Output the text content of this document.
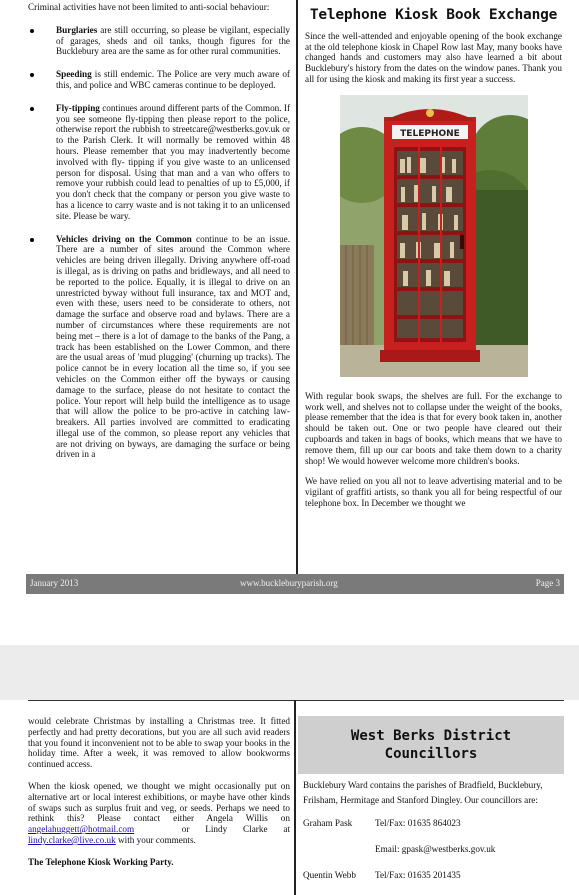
Criminal activities have not been limited to anti-social behaviour:

Burglaries are still occurring, so please be vigilant, especially of garages, sheds and oil tanks, though figures for the Bucklebury area are the same as for other rural communities.
Speeding is still endemic. The Police are very much aware of this, and police and WBC cameras continue to be deployed.
Fly-tipping continues around different parts of the Common. If you see someone fly-tipping then please report to the police, otherwise report the rubbish to streetcare@westberks.gov.uk or to the Parish Clerk. It will normally be removed within 48 hours. Please remember that you may inadvertently become involved with fly- tipping if you give waste to an unlicensed person for disposal. Using that man and a van who offers to remove your rubbish could lead to penalties of up to £5,000, if you don't check that the company or person you give waste to has a licence to carry waste and is not taking it to an unlicensed site. Please be wary.
Vehicles driving on the Common continue to be an issue. There are a number of sites around the Common where vehicles are being driven illegally. Driving anywhere off-road is illegal, as is driving on paths and bridleways, and all need to be reported to the police. Equally, it is illegal to drive on an unrestricted byway without full insurance, tax and MOT and, even with these, users need to be considerate to others, not damage the surface and observe road and bylaws. There are a number of circumstances where these requirements are not being met – there is a lot of damage to the banks of the Pang, a track has been established on the Lower Common, and there are the usual areas of 'mud plugging' (churning up tracks). The police cannot be in every location all the time so, if you see vehicles on the Common either off the byways or causing damage to the surface, please do not hesitate to contact the police. Your report will help build the intelligence as to usage that will allow the police to be pro-active in catching law-breakers. All parties involved are committed to eradicating illegal use of the common, so please report any vehicles that are not driving on byways, are damaging the surface or being driven in a
Telephone Kiosk Book Exchange

Since the well-attended and enjoyable opening of the book exchange at the old telephone kiosk in Chapel Row last May, many books have changed hands and customers may also have learned a bit about Bucklebury's history from the dates on the window panes. Thank you all for using the kiosk and making its first year a success.

TELEPHONE

With regular book swaps, the shelves are full. For the exchange to work well, and shelves not to collapse under the weight of the books, please remember that the idea is that for every book taken in, another should be taken out. One or two people have cleared out their cupboards and taken in bags of books, which means that we have to remove them, fill up our car boots and take them down to a charity shop! We would however welcome more children's books.

We have relied on you all not to leave advertising material and to be vigilant of graffiti artists, so thank you all for being respectful of our telephone box. In December we thought we

January 2013	www.buckleburyparish.org	Page 3

would celebrate Christmas by installing a Christmas tree. It fitted perfectly and had pretty decorations, but you are all such avid readers that you found it inconvenient not to be able to swap your books in the holiday time. After a week, it was removed to allow bookworms continued access.

When the kiosk opened, we thought we might occasionally put on alternative art or local interest exhibitions, or maybe have other kinds of swaps such as surplus fruit and veg, or seeds. Perhaps we need to rethink this? Please contact either Angela Willis on angelahuggett@hotmail.com	or Lindy Clarke at lindy.clarke@live.co.uk with your comments.

The Telephone Kiosk Working Party.

West Berks District
Councillors
Bucklebury Ward contains the parishes of Bradfield, Bucklebury, Frilsham, Hermitage and Stanford Dingley. Our councillors are:
Graham Pask Tel/Fax: 01635 864023
Email: gpask@westberks.gov.uk
Quentin Webb Tel/Fax: 01635 201435
